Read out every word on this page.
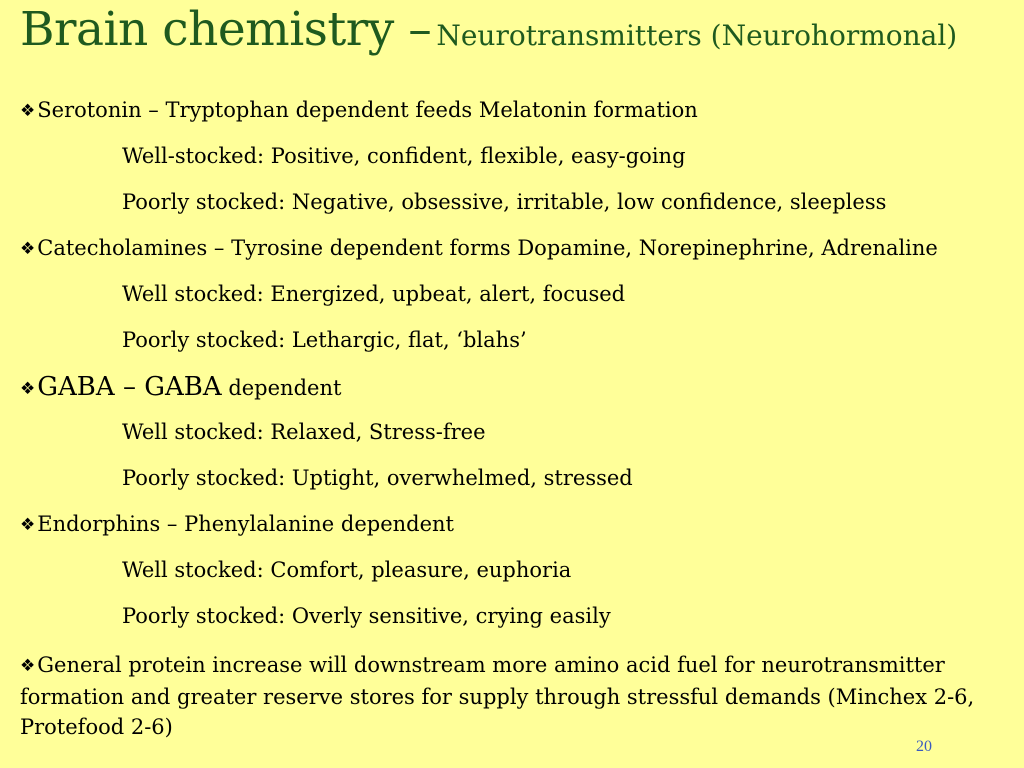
Brain chemistry – Neurotransmitters (Neurohormonal)
❖Serotonin – Tryptophan dependent feeds Melatonin formation
Well-stocked: Positive, confident, flexible, easy-going
Poorly stocked: Negative, obsessive, irritable, low confidence, sleepless
❖Catecholamines – Tyrosine dependent forms Dopamine, Norepinephrine, Adrenaline
Well stocked: Energized, upbeat, alert, focused
Poorly stocked: Lethargic, flat, ‘blahs’
❖GABA – GABA dependent
Well stocked: Relaxed, Stress-free
Poorly stocked: Uptight, overwhelmed, stressed
❖Endorphins – Phenylalanine dependent
Well stocked: Comfort, pleasure, euphoria
Poorly stocked: Overly sensitive, crying easily
❖General protein increase will downstream more amino acid fuel for neurotransmitter formation and greater reserve stores for supply through stressful demands (Minchex 2-6, Protefood 2-6)
20
